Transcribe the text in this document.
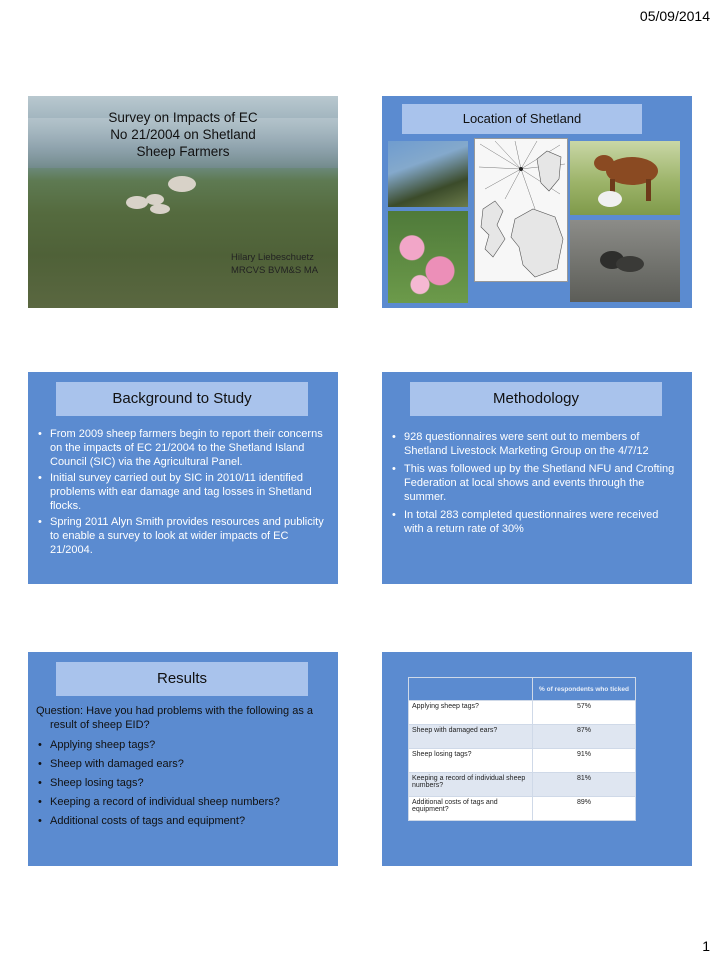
05/09/2014
Survey on Impacts of EC No 21/2004 on Shetland Sheep Farmers
Hilary Liebeschuetz
MRCVS BVM&S MA
Location of Shetland
Background to Study
• From 2009 sheep farmers begin to report their concerns on the impacts of EC 21/2004 to the Shetland Island Council (SIC) via the Agricultural Panel.
• Initial survey carried out by SIC in 2010/11 identified problems with ear damage and tag losses in Shetland flocks.
• Spring 2011 Alyn Smith provides resources and publicity to enable a survey to look at wider impacts of EC 21/2004.
Methodology
• 928 questionnaires were sent out to members of Shetland Livestock Marketing Group on the 4/7/12
• This was followed up by the Shetland NFU and Crofting Federation at local shows and events through the summer.
• In total 283 completed questionnaires were received with a return rate of 30%
Results
Question: Have you had problems with the following as a result of sheep EID?
• Applying sheep tags?
• Sheep with damaged ears?
• Sheep losing tags?
• Keeping a record of individual sheep numbers?
• Additional costs of tags and equipment?
	% of respondents who ticked
Applying sheep tags?	57%
Sheep with damaged ears?	87%
Sheep losing tags?	91%
Keeping a record of individual sheep numbers?	81%
Additional costs of tags and equipment?	89%
1
